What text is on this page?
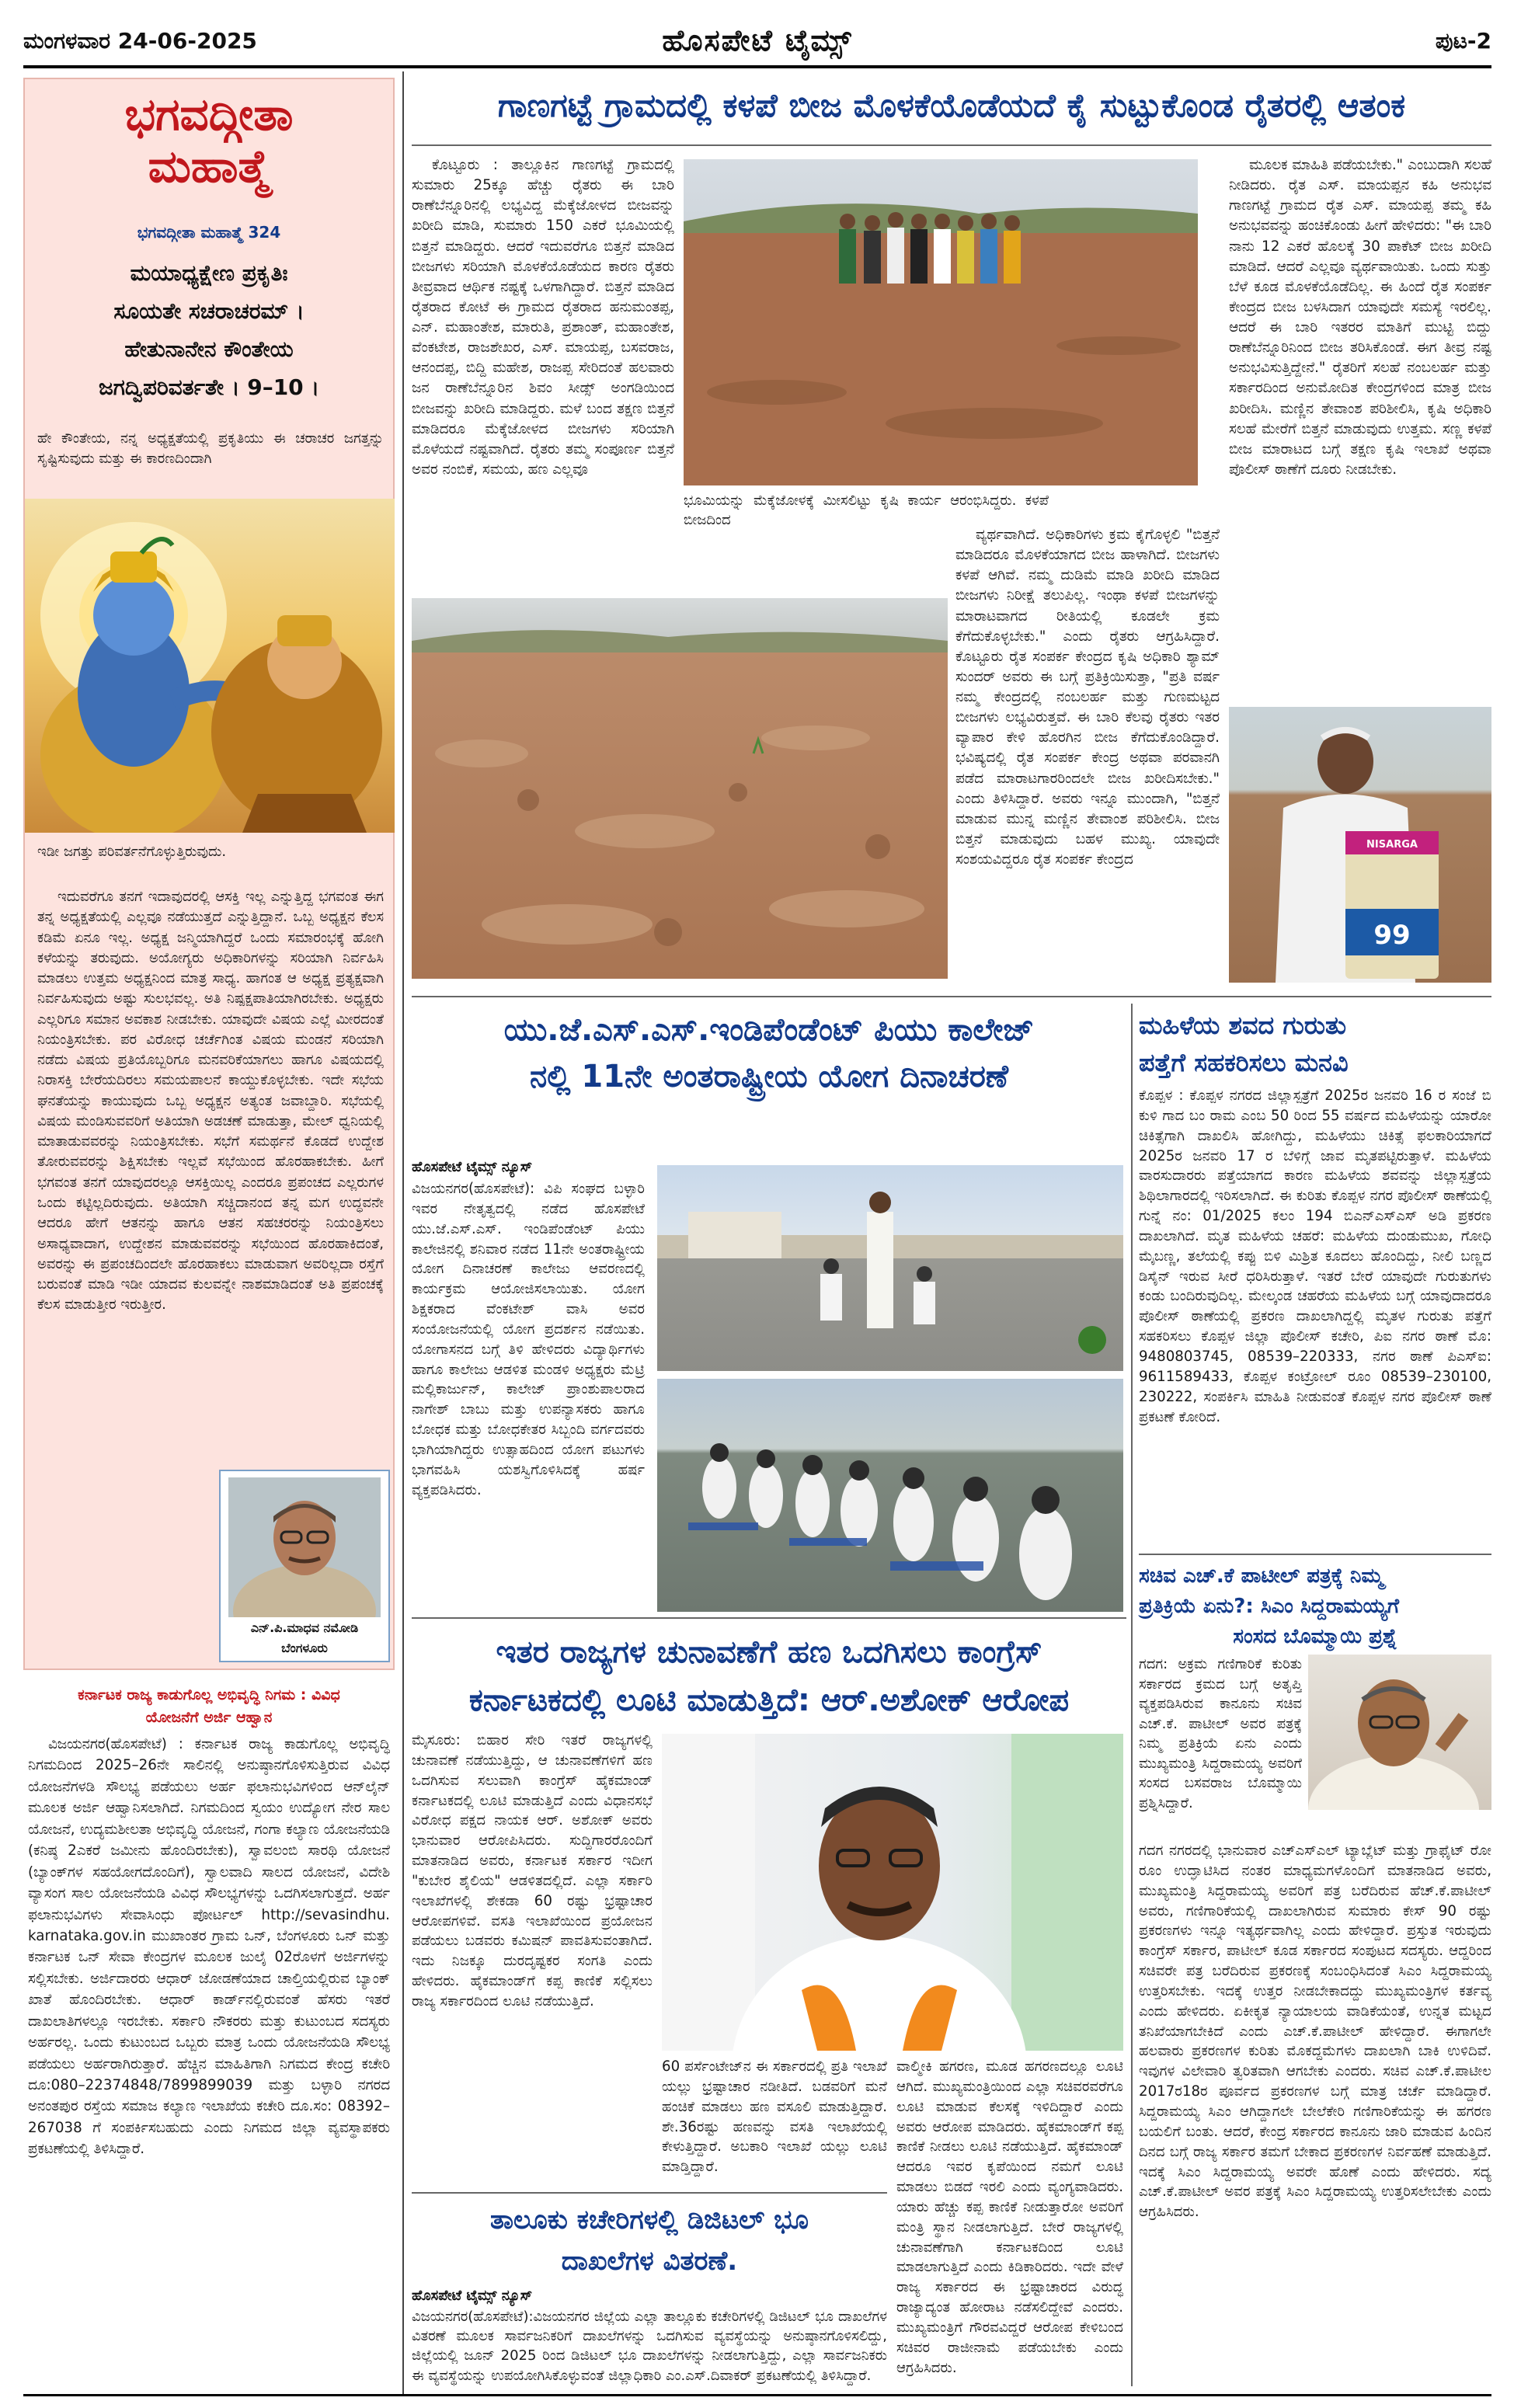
ಮಂಗಳವಾರ 24-06-2025	ಹೊಸಪೇಟೆ ಟೈಮ್ಸ್	ಪುಟ-2
ಭಗವದ್ಗೀತಾ
ಮಹಾತ್ಮೆ
ಭಗವದ್ಗೀತಾ ಮಹಾತ್ಮೆ 324
ಮಯಾಧ್ಯಕ್ಷೇಣ ಪ್ರಕೃತಿಃ
ಸೂಯತೇ ಸಚರಾಚರಮ್ ।
ಹೇತುನಾನೇನ ಕೌಂತೇಯ
ಜಗದ್ವಿಪರಿವರ್ತತೇ । 9–10 ।
ಹೇ ಕೌಂತೇಯ, ನನ್ನ ಅಧ್ಯಕ್ಷತೆಯಲ್ಲಿ ಪ್ರಕೃತಿಯು ಈ ಚರಾಚರ ಜಗತ್ತನ್ನು ಸೃಷ್ಟಿಸುವುದು ಮತ್ತು ಈ ಕಾರಣದಿಂದಾಗಿ
ಇಡೀ ಜಗತ್ತು ಪರಿವರ್ತನೆಗೊಳ್ಳುತ್ತಿರುವುದು.
ಇದುವರೆಗೂ ತನಗೆ ಇದಾವುದರಲ್ಲಿ ಆಸಕ್ತಿ ಇಲ್ಲ ಎನ್ನುತ್ತಿದ್ದ ಭಗವಂತ ಈಗ ತನ್ನ ಅಧ್ಯಕ್ಷತೆಯಲ್ಲಿ ಎಲ್ಲವೂ ನಡೆಯುತ್ತದೆ ಎನ್ನುತ್ತಿದ್ದಾನೆ. ಒಬ್ಬ ಅಧ್ಯಕ್ಷನ ಕೆಲಸ ಕಡಿಮೆ ಏನೂ ಇಲ್ಲ. ಅಧ್ಯಕ್ಷ ಜನ್ಮಿಯಾಗಿದ್ದರೆ ಒಂದು ಸಮಾರಂಭಕ್ಕೆ ಹೋಗಿ ಕಳೆಯನ್ನು ತರುವುದು. ಅಯೋಗ್ಯರು ಅಧಿಕಾರಿಗಳನ್ನು ಸರಿಯಾಗಿ ನಿರ್ವಹಿಸಿ ಮಾಡಲು ಉತ್ತಮ ಅಧ್ಯಕ್ಷನಿಂದ ಮಾತ್ರ ಸಾಧ್ಯ. ಹಾಗಂತ ಆ ಅಧ್ಯಕ್ಷ ಪ್ರತ್ಯಕ್ಷವಾಗಿ ನಿರ್ವಹಿಸುವುದು ಅಷ್ಟು ಸುಲಭವಲ್ಲ. ಅತಿ ನಿಷ್ಪಕ್ಷಪಾತಿಯಾಗಿರಬೇಕು. ಅಧ್ಯಕ್ಷರು ಎಲ್ಲರಿಗೂ ಸಮಾನ ಅವಕಾಶ ನೀಡಬೇಕು. ಯಾವುದೇ ವಿಷಯ ಎಲ್ಲೆ ಮೀರದಂತೆ ನಿಯಂತ್ರಿಸಬೇಕು. ಪರ ವಿರೋಧ ಚರ್ಚೆಗಿಂತ ವಿಷಯ ಮಂಡನೆ ಸರಿಯಾಗಿ ನಡೆದು ವಿಷಯ ಪ್ರತಿಯೊಬ್ಬರಿಗೂ ಮನವರಿಕೆಯಾಗಲು ಹಾಗೂ ವಿಷಯದಲ್ಲಿ ನಿರಾಸಕ್ತಿ ಬೇರೆಯದಿರಲು ಸಮಯಪಾಲನೆ ಕಾಯ್ದುಕೊಳ್ಳಬೇಕು. ಇದೇ ಸಭೆಯ ಘನತೆಯನ್ನು ಕಾಯುವುದು ಒಬ್ಬ ಅಧ್ಯಕ್ಷನ ಅತ್ಯಂತ ಜವಾಬ್ದಾರಿ. ಸಭೆಯಲ್ಲಿ ವಿಷಯ ಮಂಡಿಸುವವರಿಗೆ ಅತಿಯಾಗಿ ಅಡಚಣೆ ಮಾಡುತ್ತಾ, ಮೇಲ್ ಧ್ವನಿಯಲ್ಲಿ ಮಾತಾಡುವವರನ್ನು ನಿಯಂತ್ರಿಸಬೇಕು. ಸಭೆಗೆ ಸಮರ್ಥನೆ ಕೊಡದೆ ಉದ್ದೇಶ ತೋರುವವರನ್ನು ಶಿಕ್ಷಿಸಬೇಕು ಇಲ್ಲವೆ ಸಭೆಯಿಂದ ಹೊರಹಾಕಬೇಕು. ಹೀಗೆ ಭಗವಂತ ತನಗೆ ಯಾವುದರಲ್ಲೂ ಆಸಕ್ತಿಯಿಲ್ಲ ಎಂದರೂ ಪ್ರಪಂಚದ ಎಲ್ಲರುಗಳ ಒಂದು ಕಟ್ಟಿಲ್ಲದಿರುವುದು. ಅತಿಯಾಗಿ ಸಚ್ಚಿದಾನಂದ ತನ್ನ ಮಗ ಉದ್ಧವನೇ ಆದರೂ ಹೇಗೆ ಆತನನ್ನು ಹಾಗೂ ಆತನ ಸಹಚರರನ್ನು ನಿಯಂತ್ರಿಸಲು ಅಸಾಧ್ಯವಾದಾಗ, ಉದ್ದೇಶನ ಮಾಡುವವರನ್ನು ಸಭೆಯಿಂದ ಹೊರಹಾಕಿದಂತೆ, ಅವರನ್ನು ಈ ಪ್ರಪಂಚದಿಂದಲೇ ಹೊರಹಾಕಲು ಮಾಡುವಾಗ ಅವರಿಲ್ಲದಾ ರಸ್ತೆಗೆ ಬರುವಂತೆ ಮಾಡಿ ಇಡೀ ಯಾದವ ಕುಲವನ್ನೇ ನಾಶಮಾಡಿದಂತೆ ಅತಿ ಪ್ರಪಂಚಕ್ಕೆ ಕೆಲಸ ಮಾಡುತ್ತೀರ ಇರುತ್ತೀರ.
ಎನ್.ಪಿ.ಮಾಧವ ನಮೋಡಿ
ಬೆಂಗಳೂರು
ಕರ್ನಾಟಕ ರಾಜ್ಯ ಕಾಡುಗೊಲ್ಲ ಅಭಿವೃದ್ಧಿ ನಿಗಮ : ವಿವಿಧ
ಯೋಜನೆಗೆ ಅರ್ಜಿ ಆಹ್ವಾನ
ವಿಜಯನಗರ(ಹೊಸಪೇಟೆ) : ಕರ್ನಾಟಕ ರಾಜ್ಯ ಕಾಡುಗೊಲ್ಲ ಅಭಿವೃದ್ಧಿ ನಿಗಮದಿಂದ 2025–26ನೇ ಸಾಲಿನಲ್ಲಿ ಅನುಷ್ಠಾನಗೊಳಿಸುತ್ತಿರುವ ವಿವಿಧ ಯೋಜನೆಗಳಡಿ ಸೌಲಭ್ಯ ಪಡೆಯಲು ಅರ್ಹ ಫಲಾನುಭವಿಗಳಿಂದ ಆನ್‌ಲೈನ್ ಮೂಲಕ ಅರ್ಜಿ ಆಹ್ವಾನಿಸಲಾಗಿದೆ. ನಿಗಮದಿಂದ ಸ್ವಯಂ ಉದ್ಯೋಗ ನೇರ ಸಾಲ ಯೋಜನೆ, ಉದ್ಯಮಶೀಲತಾ ಅಭಿವೃದ್ಧಿ ಯೋಜನೆ, ಗಂಗಾ ಕಲ್ಯಾಣ ಯೋಜನೆಯಡಿ (ಕನಿಷ್ಠ 2ಎಕರೆ ಜಮೀನು ಹೊಂದಿರಬೇಕು), ಸ್ವಾವಲಂಬಿ ಸಾರಥಿ ಯೋಜನೆ (ಬ್ಯಾಂಕ್‌ಗಳ ಸಹಯೋಗದೊಂದಿಗೆ), ಸ್ವಾಲವಾದಿ ಸಾಲದ ಯೋಜನೆ, ವಿದೇಶಿ ವ್ಯಾಸಂಗ ಸಾಲ ಯೋಜನೆಯಡಿ ವಿವಿಧ ಸೌಲಭ್ಯಗಳನ್ನು ಒದಗಿಸಲಾಗುತ್ತದೆ. ಅರ್ಹ ಫಲಾನುಭವಿಗಳು ಸೇವಾಸಿಂಧು ಪೋರ್ಟಲ್ http://sevasindhu. karnataka.gov.in ಮುಖಾಂತರ ಗ್ರಾಮ ಒನ್, ಬೆಂಗಳೂರು ಒನ್ ಮತ್ತು ಕರ್ನಾಟಕ ಒನ್ ಸೇವಾ ಕೇಂದ್ರಗಳ ಮೂಲಕ ಜುಲೈ 02ರೊಳಗೆ ಅರ್ಜಿಗಳನ್ನು ಸಲ್ಲಿಸಬೇಕು. ಅರ್ಜಿದಾರರು ಆಧಾರ್ ಜೋಡಣೆಯಾದ ಚಾಲ್ತಿಯಲ್ಲಿರುವ ಬ್ಯಾಂಕ್ ಖಾತೆ ಹೊಂದಿರಬೇಕು. ಆಧಾರ್ ಕಾರ್ಡ್‌ನಲ್ಲಿರುವಂತೆ ಹೆಸರು ಇತರೆ ದಾಖಲಾತಿಗಳಲ್ಲೂ ಇರಬೇಕು. ಸರ್ಕಾರಿ ನೌಕರರು ಮತ್ತು ಕುಟುಂಬದ ಸದಸ್ಯರು ಅರ್ಹರಲ್ಲ. ಒಂದು ಕುಟುಂಬದ ಒಬ್ಬರು ಮಾತ್ರ ಒಂದು ಯೋಜನೆಯಡಿ ಸೌಲಭ್ಯ ಪಡೆಯಲು ಅರ್ಹರಾಗಿರುತ್ತಾರೆ. ಹೆಚ್ಚಿನ ಮಾಹಿತಿಗಾಗಿ ನಿಗಮದ ಕೇಂದ್ರ ಕಚೇರಿ ದೂ:080–22374848/7899899039 ಮತ್ತು ಬಳ್ಳಾರಿ ನಗರದ ಅನಂತಪುರ ರಸ್ತೆಯ ಸಮಾಜ ಕಲ್ಯಾಣ ಇಲಾಖೆಯ ಕಚೇರಿ ದೂ.ಸಂ: 08392–267038 ಗೆ ಸಂಪರ್ಕಿಸಬಹುದು ಎಂದು ನಿಗಮದ ಜಿಲ್ಲಾ ವ್ಯವಸ್ಥಾಪಕರು ಪ್ರಕಟಣೆಯಲ್ಲಿ ತಿಳಿಸಿದ್ದಾರೆ.
ಗಾಣಗಟ್ಟೆ ಗ್ರಾಮದಲ್ಲಿ ಕಳಪೆ ಬೀಜ ಮೊಳಕೆಯೊಡೆಯದೆ ಕೈ ಸುಟ್ಟುಕೊಂಡ ರೈತರಲ್ಲಿ ಆತಂಕ
ಕೊಟ್ಟೂರು : ತಾಲ್ಲೂಕಿನ ಗಾಣಗಟ್ಟೆ ಗ್ರಾಮದಲ್ಲಿ ಸುಮಾರು 25ಕ್ಕೂ ಹೆಚ್ಚು ರೈತರು ಈ ಬಾರಿ ರಾಣೆಬೆನ್ನೂರಿನಲ್ಲಿ ಲಭ್ಯವಿದ್ದ ಮೆಕ್ಕೆಜೋಳದ ಬೀಜವನ್ನು ಖರೀದಿ ಮಾಡಿ, ಸುಮಾರು 150 ಎಕರೆ ಭೂಮಿಯಲ್ಲಿ ಬಿತ್ತನೆ ಮಾಡಿದ್ದರು. ಆದರೆ ಇದುವರೆಗೂ ಬಿತ್ತನೆ ಮಾಡಿದ ಬೀಜಗಳು ಸರಿಯಾಗಿ ಮೊಳಕೆಯೊಡೆಯದ ಕಾರಣ ರೈತರು ತೀವ್ರವಾದ ಆರ್ಥಿಕ ನಷ್ಟಕ್ಕೆ ಒಳಗಾಗಿದ್ದಾರೆ. ಬಿತ್ತನೆ ಮಾಡಿದ ರೈತರಾದ ಕೋಟೆ ಈ ಗ್ರಾಮದ ರೈತರಾದ ಹನುಮಂತಪ್ಪ, ಎನ್. ಮಹಾಂತೇಶ, ಮಾರುತಿ, ಪ್ರಶಾಂತ್, ಮಹಾಂತೇಶ, ವೆಂಕಟೇಶ, ರಾಜಶೇಖರ, ಎಸ್. ಮಾಯಪ್ಪ, ಬಸವರಾಜ, ಆನಂದಪ್ಪ, ಬಿದ್ದಿ ಮಹೇಶ, ರಾಜಪ್ಪ ಸೇರಿದಂತೆ ಹಲವಾರು ಜನ ರಾಣೆಬೆನ್ನೂರಿನ ಶಿವಂ ಸೀಡ್ಸ್ ಅಂಗಡಿಯಿಂದ ಬೀಜವನ್ನು ಖರೀದಿ ಮಾಡಿದ್ದರು. ಮಳೆ ಬಂದ ತಕ್ಷಣ ಬಿತ್ತನೆ ಮಾಡಿದರೂ ಮೆಕ್ಕೆಜೋಳದ ಬೀಜಗಳು ಸರಿಯಾಗಿ ಮೊಳೆಯದೆ ನಷ್ಟವಾಗಿದೆ. ರೈತರು ತಮ್ಮ ಸಂಪೂರ್ಣ ಬಿತ್ತನೆ ಅವರ ನಂಬಿಕೆ, ಸಮಯ, ಹಣ ಎಲ್ಲವೂ
ಭೂಮಿಯನ್ನು ಮೆಕ್ಕೆಜೋಳಕ್ಕೆ ಮೀಸಲಿಟ್ಟು ಕೃಷಿ ಕಾರ್ಯ ಆರಂಭಿಸಿದ್ದರು. ಕಳಪೆ ಬೀಜದಿಂದ
ವ್ಯರ್ಥವಾಗಿದೆ. ಅಧಿಕಾರಿಗಳು ಕ್ರಮ ಕೈಗೊಳ್ಳಲಿ "ಬಿತ್ತನೆ ಮಾಡಿದರೂ ಮೊಳಕೆಯಾಗದ ಬೀಜ ಹಾಳಾಗಿದೆ. ಬೀಜಗಳು ಕಳಪೆ ಆಗಿವೆ. ನಮ್ಮ ದುಡಿಮೆ ಮಾಡಿ ಖರೀದಿ ಮಾಡಿದ ಬೀಜಗಳು ನಿರೀಕ್ಷೆ ತಲುಪಿಲ್ಲ. ಇಂಥಾ ಕಳಪೆ ಬೀಜಗಳನ್ನು ಮಾರಾಟವಾಗದ ರೀತಿಯಲ್ಲಿ ಕೂಡಲೇ ಕ್ರಮ ಕೆಗೆದುಕೊಳ್ಳಬೇಕು." ಎಂದು ರೈತರು ಆಗ್ರಹಿಸಿದ್ದಾರೆ. ಕೊಟ್ಟೂರು ರೈತ ಸಂಪರ್ಕ ಕೇಂದ್ರದ ಕೃಷಿ ಅಧಿಕಾರಿ ಶ್ಯಾಮ್ ಸುಂದರ್ ಅವರು ಈ ಬಗ್ಗೆ ಪ್ರತಿಕ್ರಿಯಿಸುತ್ತಾ, "ಪ್ರತಿ ವರ್ಷ ನಮ್ಮ ಕೇಂದ್ರದಲ್ಲಿ ನಂಬಲರ್ಹ ಮತ್ತು ಗುಣಮಟ್ಟದ ಬೀಜಗಳು ಲಭ್ಯವಿರುತ್ತವೆ. ಈ ಬಾರಿ ಕೆಲವು ರೈತರು ಇತರ ವ್ಯಾಪಾರ ಕೇಳಿ ಹೊರಗಿನ ಬೀಜ ಕೆಗೆದುಕೊಂಡಿದ್ದಾರೆ. ಭವಿಷ್ಯದಲ್ಲಿ ರೈತ ಸಂಪರ್ಕ ಕೇಂದ್ರ ಅಥವಾ ಪರವಾನಗಿ ಪಡೆದ ಮಾರಾಟಗಾರರಿಂದಲೇ ಬೀಜ ಖರೀದಿಸಬೇಕು." ಎಂದು ತಿಳಿಸಿದ್ದಾರೆ. ಅವರು ಇನ್ನೂ ಮುಂದಾಗಿ, "ಬಿತ್ತನೆ ಮಾಡುವ ಮುನ್ನ ಮಣ್ಣಿನ ತೇವಾಂಶ ಪರಿಶೀಲಿಸಿ. ಬೀಜ ಬಿತ್ತನೆ ಮಾಡುವುದು ಬಹಳ ಮುಖ್ಯ. ಯಾವುದೇ ಸಂಶಯವಿದ್ದರೂ ರೈತ ಸಂಪರ್ಕ ಕೇಂದ್ರದ
ಮೂಲಕ ಮಾಹಿತಿ ಪಡೆಯಬೇಕು." ಎಂಬುದಾಗಿ ಸಲಹೆ ನೀಡಿದರು. ರೈತ ಎಸ್. ಮಾಯಪ್ಪನ ಕಹಿ ಅನುಭವ ಗಾಣಗಟ್ಟೆ ಗ್ರಾಮದ ರೈತ ಎಸ್. ಮಾಯಪ್ಪ ತಮ್ಮ ಕಹಿ ಅನುಭವವನ್ನು ಹಂಚಿಕೊಂಡು ಹೀಗೆ ಹೇಳಿದರು: "ಈ ಬಾರಿ ನಾನು 12 ಎಕರೆ ಹೊಲಕ್ಕೆ 30 ಪಾಕೆಟ್ ಬೀಜ ಖರೀದಿ ಮಾಡಿದೆ. ಆದರೆ ಎಲ್ಲವೂ ವ್ಯರ್ಥವಾಯಿತು. ಒಂದು ಸುತ್ತು ಬೆಳೆ ಕೂಡ ಮೊಳಕೆಯೊಡೆದಿಲ್ಲ. ಈ ಹಿಂದೆ ರೈತ ಸಂಪರ್ಕ ಕೇಂದ್ರದ ಬೀಜ ಬಳಸಿದಾಗ ಯಾವುದೇ ಸಮಸ್ಯೆ ಇರಲಿಲ್ಲ. ಆದರೆ ಈ ಬಾರಿ ಇತರರ ಮಾತಿಗೆ ಮುಟ್ಟಿ ಬಿದ್ದು ರಾಣೆಬೆನ್ನೂರಿನಿಂದ ಬೀಜ ತರಿಸಿಕೊಂಡೆ. ಈಗ ತೀವ್ರ ನಷ್ಟ ಅನುಭವಿಸುತ್ತಿದ್ದೇನೆ." ರೈತರಿಗೆ ಸಲಹೆ ನಂಬಲರ್ಹ ಮತ್ತು ಸರ್ಕಾರದಿಂದ ಅನುಮೋದಿತ ಕೇಂದ್ರಗಳಿಂದ ಮಾತ್ರ ಬೀಜ ಖರೀದಿಸಿ. ಮಣ್ಣಿನ ತೇವಾಂಶ ಪರಿಶೀಲಿಸಿ, ಕೃಷಿ ಅಧಿಕಾರಿ ಸಲಹೆ ಮೇರೆಗೆ ಬಿತ್ತನೆ ಮಾಡುವುದು ಉತ್ತಮ. ಸಣ್ಣ ಕಳಪೆ ಬೀಜ ಮಾರಾಟದ ಬಗ್ಗೆ ತಕ್ಷಣ ಕೃಷಿ ಇಲಾಖೆ ಅಥವಾ ಪೊಲೀಸ್ ಠಾಣೆಗೆ ದೂರು ನೀಡಬೇಕು.
NISARGA
99
ಯು.ಜೆ.ಎಸ್.ಎಸ್.ಇಂಡಿಪೆಂಡೆಂಟ್ ಪಿಯು ಕಾಲೇಜ್
ನಲ್ಲಿ 11ನೇ ಅಂತರಾಷ್ಟ್ರೀಯ ಯೋಗ ದಿನಾಚರಣೆ
ಹೊಸಪೇಟೆ ಟೈಮ್ಸ್ ನ್ಯೂಸ್
ವಿಜಯನಗರ(ಹೊಸಪೇಟೆ): ವಿಪಿ ಸಂಘದ ಬಳ್ಳಾರಿ ಇವರ ನೇತೃತ್ವದಲ್ಲಿ ನಡೆದ ಹೊಸಪೇಟೆ ಯು.ಜೆ.ಎಸ್.ಎಸ್. ಇಂಡಿಪೆಂಡೆಂಟ್ ಪಿಯು ಕಾಲೇಜಿನಲ್ಲಿ ಶನಿವಾರ ನಡೆದ 11ನೇ ಅಂತರಾಷ್ಟ್ರೀಯ ಯೋಗ ದಿನಾಚರಣೆ ಕಾಲೇಜು ಆವರಣದಲ್ಲಿ ಕಾರ್ಯಕ್ರಮ ಆಯೋಜಿಸಲಾಯಿತು. ಯೋಗ ಶಿಕ್ಷಕರಾದ ವೆಂಕಟೇಶ್ ವಾಸಿ ಅವರ ಸಂಯೋಜನೆಯಲ್ಲಿ ಯೋಗ ಪ್ರದರ್ಶನ ನಡೆಯಿತು. ಯೋಗಾಸನದ ಬಗ್ಗೆ ತಿಳಿ ಹೇಳಿದರು ವಿದ್ಯಾರ್ಥಿಗಳು ಹಾಗೂ ಕಾಲೇಜು ಆಡಳಿತ ಮಂಡಳಿ ಅಧ್ಯಕ್ಷರು ಮೆಟ್ರಿ ಮಲ್ಲಿಕಾರ್ಜುನ್, ಕಾಲೇಜ್ ಪ್ರಾಂಶುಪಾಲರಾದ ನಾಗೇಶ್ ಬಾಬು ಮತ್ತು ಉಪನ್ಯಾಸಕರು ಹಾಗೂ ಬೋಧಕ ಮತ್ತು ಬೋಧಕೇತರ ಸಿಬ್ಬಂದಿ ವರ್ಗದವರು ಭಾಗಿಯಾಗಿದ್ದರು ಉತ್ಸಾಹದಿಂದ ಯೋಗ ಪಟುಗಳು ಭಾಗವಹಿಸಿ ಯಶಸ್ವಿಗೊಳಿಸಿದಕ್ಕೆ ಹರ್ಷ ವ್ಯಕ್ತಪಡಿಸಿದರು.
ಮಹಿಳೆಯ ಶವದ ಗುರುತು
ಪತ್ತೆಗೆ ಸಹಕರಿಸಲು ಮನವಿ
ಕೊಪ್ಪಳ : ಕೊಪ್ಪಳ ನಗರದ ಜಿಲ್ಲಾಸ್ಪತ್ರೆಗೆ 2025ರ ಜನವರಿ 16 ರ ಸಂಜೆ ಬಿ ಕುಳಿ ಗಾದ ಬಂ ರಾಮ ಎಂಬ 50 ರಿಂದ 55 ವರ್ಷದ ಮಹಿಳೆಯನ್ನು ಯಾರೋ ಚಿಕಿತ್ಸೆಗಾಗಿ ದಾಖಲಿಸಿ ಹೋಗಿದ್ದು, ಮಹಿಳೆಯು ಚಿಕಿತ್ಸೆ ಫಲಕಾರಿಯಾಗದೆ 2025ರ ಜನವರಿ 17 ರ ಬೆಳಿಗ್ಗೆ ಜಾವ ಮೃತಪಟ್ಟಿರುತ್ತಾಳೆ. ಮಹಿಳೆಯ ವಾರಸುದಾರರು ಪತ್ತೆಯಾಗದ ಕಾರಣ ಮಹಿಳೆಯ ಶವವನ್ನು ಜಿಲ್ಲಾಸ್ಪತ್ರೆಯ ಶಿಥಿಲಾಗಾರದಲ್ಲಿ ಇರಿಸಲಾಗಿದೆ. ಈ ಕುರಿತು ಕೊಪ್ಪಳ ನಗರ ಪೊಲೀಸ್ ಠಾಣೆಯಲ್ಲಿ ಗುನ್ನೆ ನಂ: 01/2025 ಕಲಂ 194 ಬಿಎನ್‌ಎಸ್‌ಎಸ್ ಅಡಿ ಪ್ರಕರಣ ದಾಖಲಾಗಿದೆ. ಮೃತ ಮಹಿಳೆಯ ಚಹರೆ: ಮಹಿಳೆಯ ದುಂಡುಮುಖ, ಗೋಧಿ ಮೈಬಣ್ಣ, ತಲೆಯಲ್ಲಿ ಕಪ್ಪು ಬಿಳಿ ಮಿಶ್ರಿತ ಕೂದಲು ಹೊಂದಿದ್ದು, ನೀಲಿ ಬಣ್ಣದ ಡಿಸೈನ್ ಇರುವ ಸೀರೆ ಧರಿಸಿರುತ್ತಾಳೆ. ಇತರೆ ಬೇರೆ ಯಾವುದೇ ಗುರುತುಗಳು ಕಂಡು ಬಂದಿರುವುದಿಲ್ಲ. ಮೇಲ್ಕಂಡ ಚಹರೆಯ ಮಹಿಳೆಯ ಬಗ್ಗೆ ಯಾವುದಾದರೂ ಪೊಲೀಸ್ ಠಾಣೆಯಲ್ಲಿ ಪ್ರಕರಣ ದಾಖಲಾಗಿದ್ದಲ್ಲಿ ಮೃತಳ ಗುರುತು ಪತ್ತೆಗೆ ಸಹಕರಿಸಲು ಕೊಪ್ಪಳ ಜಿಲ್ಲಾ ಪೊಲೀಸ್ ಕಚೇರಿ, ಪಿಐ ನಗರ ಠಾಣೆ ಮೊ: 9480803745, 08539–220333, ನಗರ ಠಾಣೆ ಪಿಎಸ್‌ಐ: 9611589433, ಕೊಪ್ಪಳ ಕಂಟ್ರೋಲ್ ರೂಂ 08539–230100, 230222, ಸಂಪರ್ಕಿಸಿ ಮಾಹಿತಿ ನೀಡುವಂತೆ ಕೊಪ್ಪಳ ನಗರ ಪೊಲೀಸ್ ಠಾಣೆ ಪ್ರಕಟಣೆ ಕೋರಿದೆ.
ಸಚಿವ ಎಚ್.ಕೆ ಪಾಟೀಲ್ ಪತ್ರಕ್ಕೆ ನಿಮ್ಮ
ಪ್ರತಿಕ್ರಿಯೆ ಏನು?: ಸಿಎಂ ಸಿದ್ದರಾಮಯ್ಯಗೆ
ಸಂಸದ ಬೊಮ್ಮಾಯಿ ಪ್ರಶ್ನೆ
ಗದಗ: ಅಕ್ರಮ ಗಣಿಗಾರಿಕೆ ಕುರಿತು ಸರ್ಕಾರದ ಕ್ರಮದ ಬಗ್ಗೆ ಅತೃಪ್ತಿ ವ್ಯಕ್ತಪಡಿಸಿರುವ ಕಾನೂನು ಸಚಿವ ಎಚ್.ಕೆ. ಪಾಟೀಲ್ ಅವರ ಪತ್ರಕ್ಕೆ ನಿಮ್ಮ ಪ್ರತಿಕ್ರಿಯೆ ಏನು ಎಂದು ಮುಖ್ಯಮಂತ್ರಿ ಸಿದ್ದರಾಮಯ್ಯ ಅವರಿಗೆ ಸಂಸದ ಬಸವರಾಜ ಬೊಮ್ಮಾಯಿ ಪ್ರಶ್ನಿಸಿದ್ದಾರೆ.
ಗದಗ ನಗರದಲ್ಲಿ ಭಾನುವಾರ ಎಚ್‌ಎಸ್‌ಎಲ್ ಟ್ಯಾಬ್ಲೆಟ್ ಮತ್ತು ಗ್ರಾಫೈಟ್ ರೋ ರೂಂ ಉದ್ಘಾಟಿಸಿದ ನಂತರ ಮಾಧ್ಯಮಗಳೊಂದಿಗೆ ಮಾತನಾಡಿದ ಅವರು, ಮುಖ್ಯಮಂತ್ರಿ ಸಿದ್ದರಾಮಯ್ಯ ಅವರಿಗೆ ಪತ್ರ ಬರೆದಿರುವ ಹೆಚ್.ಕೆ.ಪಾಟೀಲ್ ಅವರು, ಗಣಿಗಾರಿಕೆಯಲ್ಲಿ ದಾಖಲಾಗಿರುವ ಸುಮಾರು ಕೇಸ್ 90 ರಷ್ಟು ಪ್ರಕರಣಗಳು ಇನ್ನೂ ಇತ್ಯರ್ಥವಾಗಿಲ್ಲ ಎಂದು ಹೇಳಿದ್ದಾರೆ. ಪ್ರಸ್ತುತ ಇರುವುದು ಕಾಂಗ್ರೆಸ್ ಸರ್ಕಾರ, ಪಾಟೀಲ್ ಕೂಡ ಸರ್ಕಾರದ ಸಂಪುಟದ ಸದಸ್ಯರು. ಆದ್ದರಿಂದ ಸಚಿವರೇ ಪತ್ರ ಬರೆದಿರುವ ಪ್ರಕರಣಕ್ಕೆ ಸಂಬಂಧಿಸಿದಂತೆ ಸಿಎಂ ಸಿದ್ದರಾಮಯ್ಯ ಉತ್ತರಿಸಬೇಕು. ಇದಕ್ಕೆ ಉತ್ತರ ನೀಡಬೇಕಾದದ್ದು ಮುಖ್ಯಮಂತ್ರಿಗಳ ಕರ್ತವ್ಯ ಎಂದು ಹೇಳಿದರು. ಏಕೀಕೃತ ನ್ಯಾಯಾಲಯ ವಾಡಿಕೆಯಂತೆ, ಉನ್ನತ ಮಟ್ಟದ ತನಿಖೆಯಾಗಬೇಕಿದೆ ಎಂದು ಎಚ್.ಕೆ.ಪಾಟೀಲ್ ಹೇಳಿದ್ದಾರೆ. ಈಗಾಗಲೇ ಹಲವಾರು ಪ್ರಕರಣಗಳ ಕುರಿತು ಮೊಕದ್ದಮೆಗಳು ದಾಖಲಾಗಿ ಬಾಕಿ ಉಳಿದಿವೆ. ಇವುಗಳ ವಿಲೇವಾರಿ ತ್ವರಿತವಾಗಿ ಆಗಬೇಕು ಎಂದರು. ಸಚಿವ ಎಚ್.ಕೆ.ಪಾಟೀಲ 2017ರ18ರ ಪೂರ್ವದ ಪ್ರಕರಣಗಳ ಬಗ್ಗೆ ಮಾತ್ರ ಚರ್ಚೆ ಮಾಡಿದ್ದಾರೆ. ಸಿದ್ದರಾಮಯ್ಯ ಸಿಎಂ ಆಗಿದ್ದಾಗಲೇ ಬೇಲೆಕೇರಿ ಗಣಿಗಾರಿಕೆಯನ್ನು ಈ ಹಗರಣ ಬಯಲಿಗೆ ಬಂತು. ಆದರೆ, ಕೇಂದ್ರ ಸರ್ಕಾರದ ಕಾನೂನು ಜಾರಿ ಮಾಡುವ ಹಿಂದಿನ ದಿನದ ಬಗ್ಗೆ ರಾಜ್ಯ ಸರ್ಕಾರ ತಮಗೆ ಬೇಕಾದ ಪ್ರಕರಣಗಳ ನಿರ್ವಹಣೆ ಮಾಡುತ್ತಿದೆ. ಇದಕ್ಕೆ ಸಿಎಂ ಸಿದ್ದರಾಮಯ್ಯ ಅವರೇ ಹೊಣೆ ಎಂದು ಹೇಳಿದರು. ಸದ್ಯ ಎಚ್.ಕೆ.ಪಾಟೀಲ್ ಅವರ ಪತ್ರಕ್ಕೆ ಸಿಎಂ ಸಿದ್ದರಾಮಯ್ಯ ಉತ್ತರಿಸಲೇಬೇಕು ಎಂದು ಆಗ್ರಹಿಸಿದರು.
ಇತರ ರಾಜ್ಯಗಳ ಚುನಾವಣೆಗೆ ಹಣ ಒದಗಿಸಲು ಕಾಂಗ್ರೆಸ್
ಕರ್ನಾಟಕದಲ್ಲಿ ಲೂಟಿ ಮಾಡುತ್ತಿದೆ: ಆರ್.ಅಶೋಕ್ ಆರೋಪ
ಮೈಸೂರು: ಬಿಹಾರ ಸೇರಿ ಇತರೆ ರಾಜ್ಯಗಳಲ್ಲಿ ಚುನಾವಣೆ ನಡೆಯುತ್ತಿದ್ದು, ಆ ಚುನಾವಣೆಗಳಿಗೆ ಹಣ ಒದಗಿಸುವ ಸಲುವಾಗಿ ಕಾಂಗ್ರೆಸ್ ಹೈಕಮಾಂಡ್ ಕರ್ನಾಟಕದಲ್ಲಿ ಲೂಟಿ ಮಾಡುತ್ತಿದೆ ಎಂದು ವಿಧಾನಸಭೆ ವಿರೋಧ ಪಕ್ಷದ ನಾಯಕ ಆರ್. ಅಶೋಕ್ ಅವರು ಭಾನುವಾರ ಆರೋಪಿಸಿದರು. ಸುದ್ದಿಗಾರರೊಂದಿಗೆ ಮಾತನಾಡಿದ ಅವರು, ಕರ್ನಾಟಕ ಸರ್ಕಾರ ಇದೀಗ "ಕುಬೇರ ಶೈಲಿಯ" ಆಡಳಿತದಲ್ಲಿದೆ. ಎಲ್ಲಾ ಸರ್ಕಾರಿ ಇಲಾಖೆಗಳಲ್ಲಿ ಶೇಕಡಾ 60 ರಷ್ಟು ಭ್ರಷ್ಟಾಚಾರ ಆರೋಪಗಳಿವೆ. ವಸತಿ ಇಲಾಖೆಯಿಂದ ಪ್ರಯೋಜನ ಪಡೆಯಲು ಬಡವರು ಕಮಿಷನ್ ಪಾವತಿಸುವಂತಾಗಿದೆ. ಇದು ನಿಜಕ್ಕೂ ದುರದೃಷ್ಟಕರ ಸಂಗತಿ ಎಂದು ಹೇಳಿದರು. ಹೈಕಮಾಂಡ್‌ಗೆ ಕಪ್ಪ ಕಾಣಿಕೆ ಸಲ್ಲಿಸಲು ರಾಜ್ಯ ಸರ್ಕಾರದಿಂದ ಲೂಟಿ ನಡೆಯುತ್ತಿದೆ.
60 ಪರ್ಸೆಂಟೇಜ್‌ನ ಈ ಸರ್ಕಾರದಲ್ಲಿ ಪ್ರತಿ ಇಲಾಖೆ ಯಲ್ಲು ಭ್ರಷ್ಟಾಚಾರ ನಡೀತಿದೆ. ಬಡವರಿಗೆ ಮನೆ ಹಂಚಿಕೆ ಮಾಡಲು ಹಣ ವಸೂಲಿ ಮಾಡುತ್ತಿದ್ದಾರೆ. ಶೇ.36ರಷ್ಟು ಹಣವನ್ನು ವಸತಿ ಇಲಾಖೆಯಲ್ಲಿ ಕೇಳುತ್ತಿದ್ದಾರೆ. ಅಬಕಾರಿ ಇಲಾಖೆ ಯಲ್ಲು ಲೂಟಿ ಮಾಡ್ತಿದ್ದಾರೆ.
ವಾಲ್ಮೀಕಿ ಹಗರಣ, ಮೂಡ ಹಗರಣದಲ್ಲೂ ಲೂಟಿ ಆಗಿದೆ. ಮುಖ್ಯಮಂತ್ರಿಯಿಂದ ಎಲ್ಲಾ ಸಚಿವರವರೆಗೂ ಲೂಟಿ ಮಾಡುವ ಕೆಲಸಕ್ಕೆ ಇಳಿದಿದ್ದಾರೆ ಎಂದು ಅವರು ಆರೋಪ ಮಾಡಿದರು. ಹೈಕಮಾಂಡ್‌ಗೆ ಕಪ್ಪ ಕಾಣಿಕೆ ನೀಡಲು ಲೂಟಿ ನಡೆಯುತ್ತಿದೆ. ಹೈಕಮಾಂಡ್ ಆದರೂ ಇವರ ಕೃಪೆಯಿಂದ ನಮಗೆ ಲೂಟಿ ಮಾಡಲು ಬಿಡದೆ ಇರಲಿ ಎಂದು ವ್ಯಂಗ್ಯವಾಡಿದರು. ಯಾರು ಹೆಚ್ಚು ಕಪ್ಪ ಕಾಣಿಕೆ ನೀಡುತ್ತಾರೋ ಅವರಿಗೆ ಮಂತ್ರಿ ಸ್ಥಾನ ನೀಡಲಾಗುತ್ತಿದೆ. ಬೇರೆ ರಾಜ್ಯಗಳಲ್ಲಿ ಚುನಾವಣೆಗಾಗಿ ಕರ್ನಾಟಕದಿಂದ ಲೂಟಿ ಮಾಡಲಾಗುತ್ತಿದೆ ಎಂದು ಕಿಡಿಕಾರಿದರು. ಇದೇ ವೇಳೆ ರಾಜ್ಯ ಸರ್ಕಾರದ ಈ ಭ್ರಷ್ಟಾಚಾರದ ವಿರುದ್ಧ ರಾಜ್ಯಾದ್ಯಂತ ಹೋರಾಟ ನಡೆಸಲಿದ್ದೇವೆ ಎಂದರು. ಮುಖ್ಯಮಂತ್ರಿಗೆ ಗೌರವವಿದ್ದರೆ ಆರೋಪ ಕೇಳಿಬಂದ ಸಚಿವರ ರಾಜೀನಾಮೆ ಪಡೆಯಬೇಕು ಎಂದು ಆಗ್ರಹಿಸಿದರು.
ತಾಲೂಕು ಕಚೇರಿಗಳಲ್ಲಿ ಡಿಜಿಟಲ್ ಭೂ
ದಾಖಲೆಗಳ ವಿತರಣೆ.
ಹೊಸಪೇಟೆ ಟೈಮ್ಸ್ ನ್ಯೂಸ್
ವಿಜಯನಗರ(ಹೊಸಪೇಟೆ):ವಿಜಯನಗರ ಜಿಲ್ಲೆಯ ಎಲ್ಲಾ ತಾಲ್ಲೂಕು ಕಚೇರಿಗಳಲ್ಲಿ ಡಿಜಿಟಲ್ ಭೂ ದಾಖಲೆಗಳ ವಿತರಣೆ ಮೂಲಕ ಸಾರ್ವಜನಿಕರಿಗೆ ದಾಖಲೆಗಳನ್ನು ಒದಗಿಸುವ ವ್ಯವಸ್ಥೆಯನ್ನು ಅನುಷ್ಠಾನಗೊಳಿಸಲಿದ್ದು, ಜಿಲ್ಲೆಯಲ್ಲಿ ಜೂನ್ 2025 ರಿಂದ ಡಿಜಿಟಲ್ ಭೂ ದಾಖಲೆಗಳನ್ನು ನೀಡಲಾಗುತ್ತಿದ್ದು, ಎಲ್ಲಾ ಸಾರ್ವಜನಿಕರು ಈ ವ್ಯವಸ್ಥೆಯನ್ನು ಉಪಯೋಗಿಸಿಕೊಳ್ಳುವಂತೆ ಜಿಲ್ಲಾಧಿಕಾರಿ ಎಂ.ಎಸ್.ದಿವಾಕರ್ ಪ್ರಕಟಣೆಯಲ್ಲಿ ತಿಳಿಸಿದ್ದಾರೆ.
